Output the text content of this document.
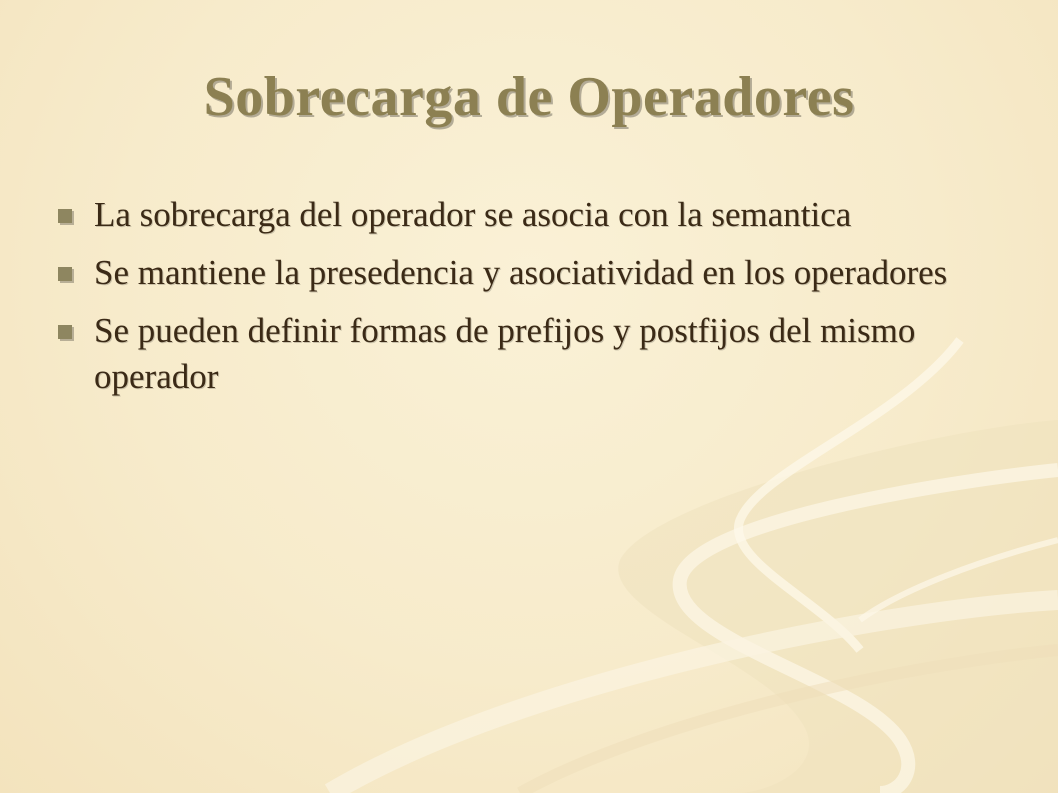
Sobrecarga de Operadores
La sobrecarga del operador se asocia con la semantica
Se mantiene la presedencia y asociatividad en los operadores
Se pueden definir formas de prefijos y postfijos del mismo operador
